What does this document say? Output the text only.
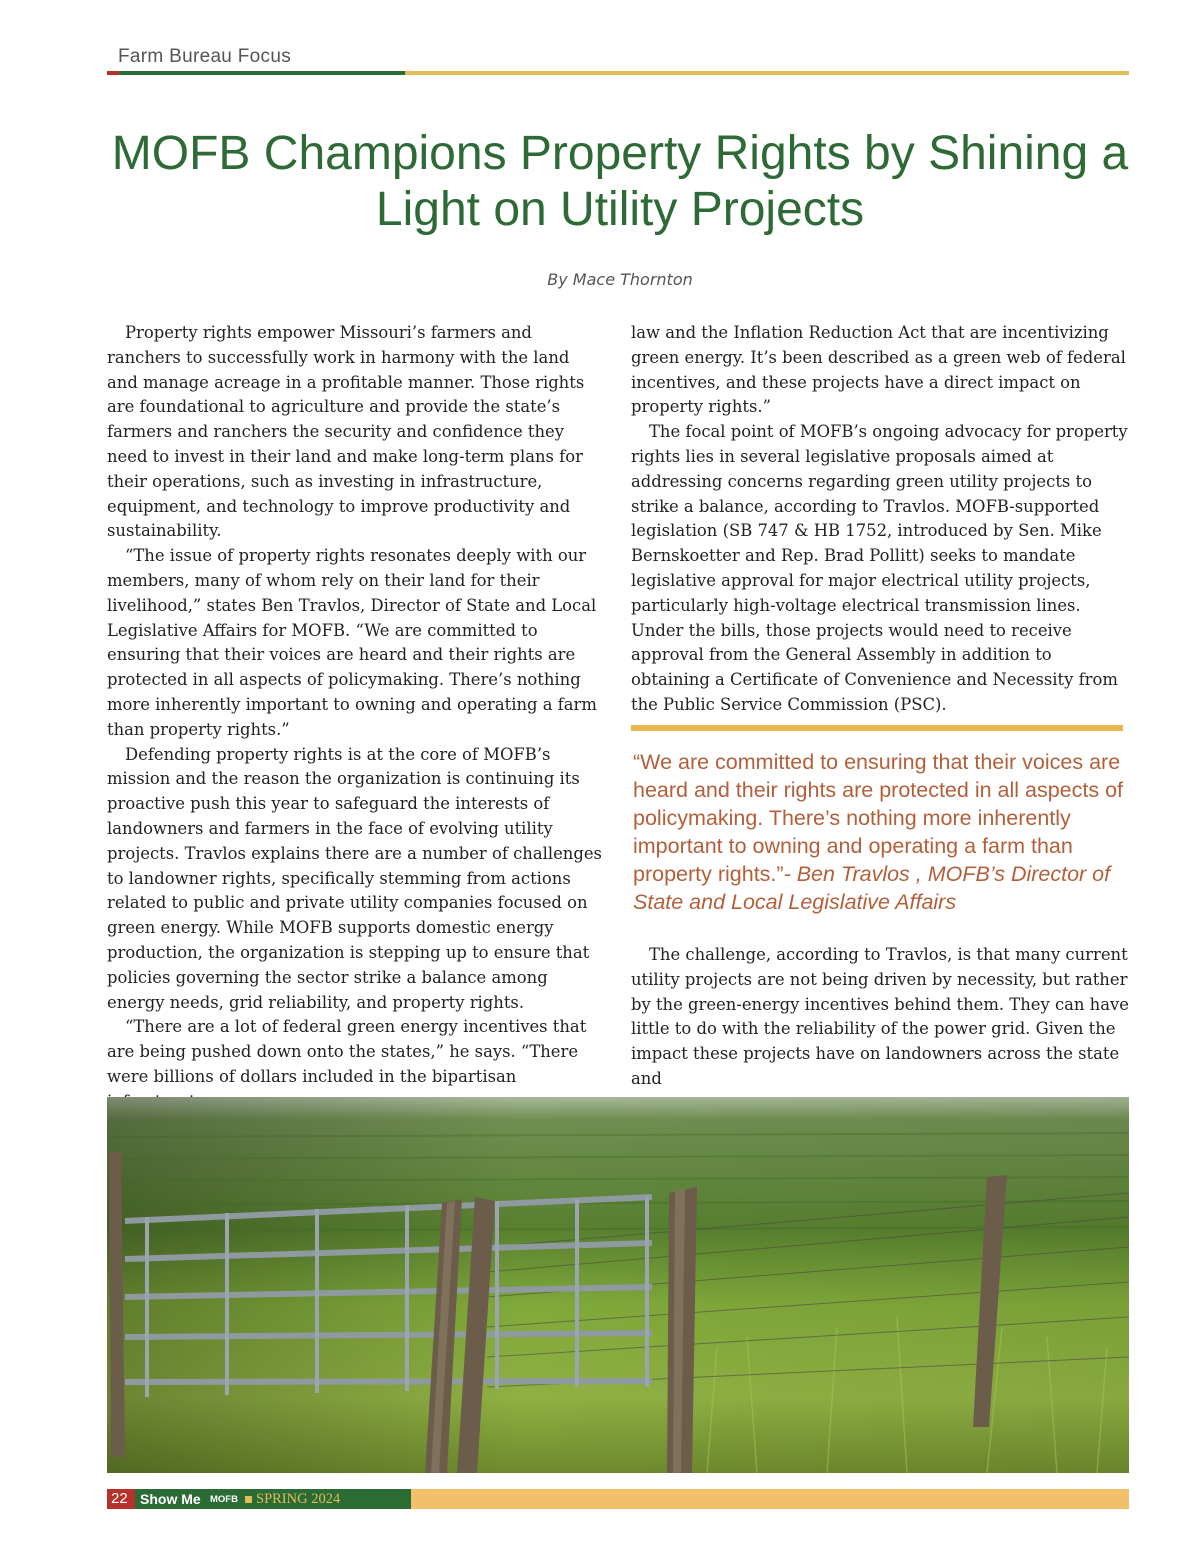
Farm Bureau Focus
MOFB Champions Property Rights by Shining a Light on Utility Projects
By Mace Thornton

Property rights empower Missouri’s farmers and ranchers to successfully work in harmony with the land and manage acreage in a profitable manner. Those rights are foundational to agriculture and provide the state’s farmers and ranchers the security and confidence they need to invest in their land and make long-term plans for their operations, such as investing in infrastructure, equipment, and technology to improve productivity and sustainability.

“The issue of property rights resonates deeply with our members, many of whom rely on their land for their livelihood,” states Ben Travlos, Director of State and Local Legislative Affairs for MOFB. “We are committed to ensuring that their voices are heard and their rights are protected in all aspects of policymaking. There’s nothing more inherently important to owning and operating a farm than property rights.”

Defending property rights is at the core of MOFB’s mission and the reason the organization is continuing its proactive push this year to safeguard the interests of landowners and farmers in the face of evolving utility projects. Travlos explains there are a number of challenges to landowner rights, specifically stemming from actions related to public and private utility companies focused on green energy. While MOFB supports domestic energy production, the organization is stepping up to ensure that policies governing the sector strike a balance among energy needs, grid reliability, and property rights.

“There are a lot of federal green energy incentives that are being pushed down onto the states,” he says. “There were billions of dollars included in the bipartisan

law and the Inflation Reduction Act that are incentivizing green energy. It’s been described as a green web of federal incentives, and these projects have a direct impact on property rights.”

The focal point of MOFB’s ongoing advocacy for property rights lies in several legislative proposals aimed at addressing concerns regarding green utility projects to strike a balance, according to Travlos. MOFB-supported legislation (SB 747 & HB 1752, introduced by Sen. Mike Bernskoetter and Rep. Brad Pollitt) seeks to mandate legislative approval for major electrical utility projects, particularly high-voltage electrical transmission lines. Under the bills, those projects would need to receive approval from the General Assembly in addition to obtaining a Certificate of Convenience and Necessity from the Public Service Commission (PSC).

“We are committed to ensuring that their voices are heard and their rights are protected in all aspects of policymaking. There’s nothing more inherently important to owning and operating a farm than property rights.”- Ben Travlos , MOFB’s Director of State and Local Legislative Affairs

The challenge, according to Travlos, is that many current utility projects are not being driven by necessity, but rather by the green-energy incentives behind them. They can have little to do with the reliability of the power grid. Given the impact these projects have on landowners across the state and

22 Show Me MOFB SPRING 2024
